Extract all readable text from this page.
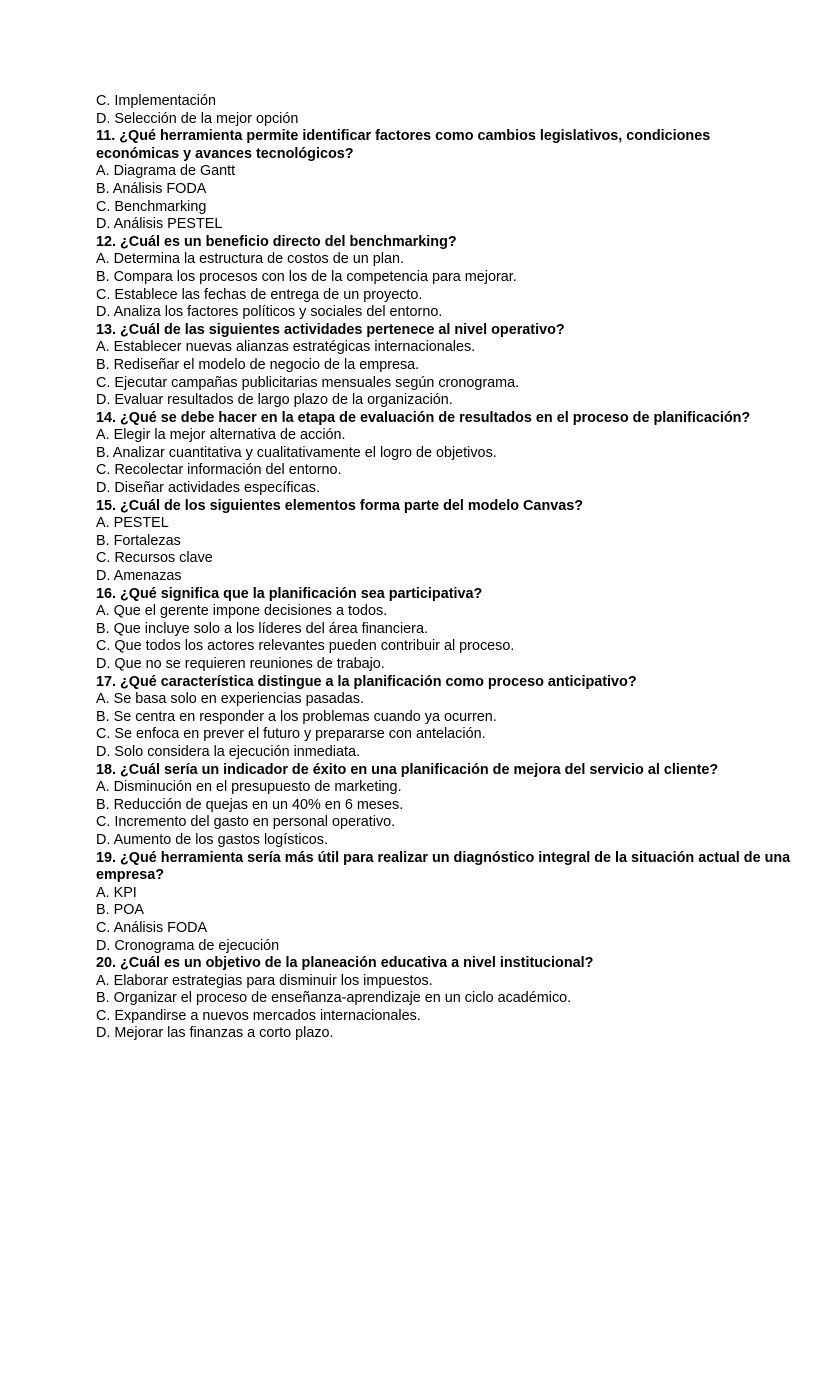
C. Implementación
D. Selección de la mejor opción
11. ¿Qué herramienta permite identificar factores como cambios legislativos, condiciones económicas y avances tecnológicos?
A. Diagrama de Gantt
B. Análisis FODA
C. Benchmarking
D. Análisis PESTEL
12. ¿Cuál es un beneficio directo del benchmarking?
A. Determina la estructura de costos de un plan.
B. Compara los procesos con los de la competencia para mejorar.
C. Establece las fechas de entrega de un proyecto.
D. Analiza los factores políticos y sociales del entorno.
13. ¿Cuál de las siguientes actividades pertenece al nivel operativo?
A. Establecer nuevas alianzas estratégicas internacionales.
B. Rediseñar el modelo de negocio de la empresa.
C. Ejecutar campañas publicitarias mensuales según cronograma.
D. Evaluar resultados de largo plazo de la organización.
14. ¿Qué se debe hacer en la etapa de evaluación de resultados en el proceso de planificación?
A. Elegir la mejor alternativa de acción.
B. Analizar cuantitativa y cualitativamente el logro de objetivos.
C. Recolectar información del entorno.
D. Diseñar actividades específicas.
15. ¿Cuál de los siguientes elementos forma parte del modelo Canvas?
A. PESTEL
B. Fortalezas
C. Recursos clave
D. Amenazas
16. ¿Qué significa que la planificación sea participativa?
A. Que el gerente impone decisiones a todos.
B. Que incluye solo a los líderes del área financiera.
C. Que todos los actores relevantes pueden contribuir al proceso.
D. Que no se requieren reuniones de trabajo.
17. ¿Qué característica distingue a la planificación como proceso anticipativo?
A. Se basa solo en experiencias pasadas.
B. Se centra en responder a los problemas cuando ya ocurren.
C. Se enfoca en prever el futuro y prepararse con antelación.
D. Solo considera la ejecución inmediata.
18. ¿Cuál sería un indicador de éxito en una planificación de mejora del servicio al cliente?
A. Disminución en el presupuesto de marketing.
B. Reducción de quejas en un 40% en 6 meses.
C. Incremento del gasto en personal operativo.
D. Aumento de los gastos logísticos.
19. ¿Qué herramienta sería más útil para realizar un diagnóstico integral de la situación actual de una empresa?
A. KPI
B. POA
C. Análisis FODA
D. Cronograma de ejecución
20. ¿Cuál es un objetivo de la planeación educativa a nivel institucional?
A. Elaborar estrategias para disminuir los impuestos.
B. Organizar el proceso de enseñanza-aprendizaje en un ciclo académico.
C. Expandirse a nuevos mercados internacionales.
D. Mejorar las finanzas a corto plazo.
